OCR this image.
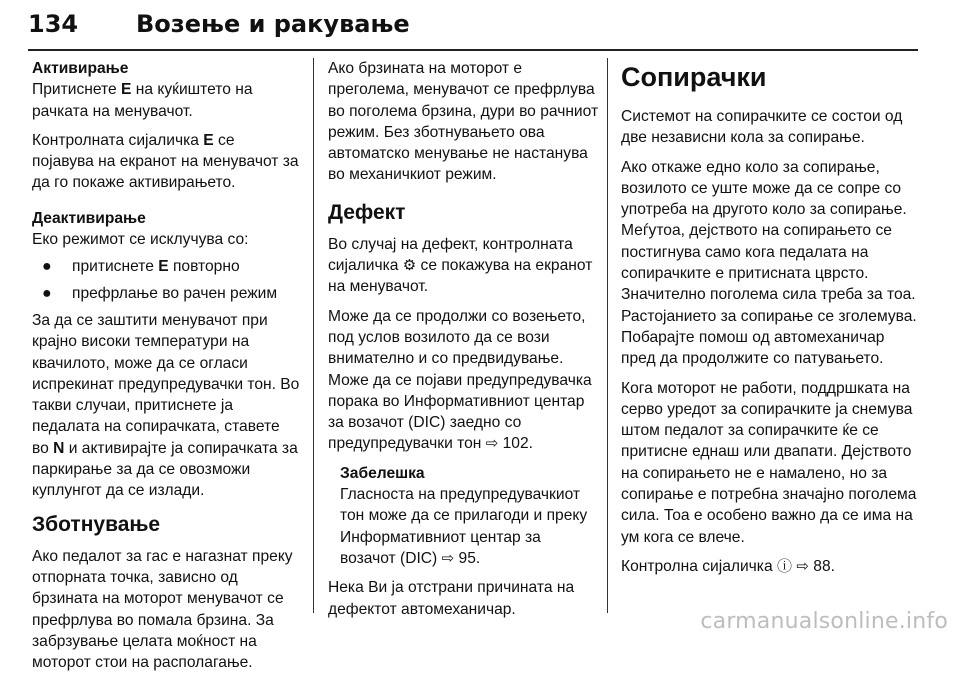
134 Возење и ракување

Активирање

Притиснете E на куќиштето на рачката на менувачот.

Контролната сијаличка E се појавува на екранот на менувачот за да го покаже активирањето.

Деактивирање

Еко режимот се исклучува со:

● притиснете E повторно
● префрлање во рачен режим

За да се заштити менувачот при крајно високи температури на квачилото, може да се огласи испрекинат предупредувачки тон. Во такви случаи, притиснете ја педалата на сопирачката, ставете во N и активирајте ја сопирачката за паркирање за да се овозможи куплунгот да се излади.

Зботнување

Ако педалот за гас е нагазнат преку отпорната точка, зависно од брзината на моторот менувачот се префрлува во помала брзина. За забрзување целата моќност на моторот стои на располагање.

Ако брзината на моторот е преголема, менувачот се префрлува во поголема брзина, дури во рачниот режим. Без зботнувањето ова автоматско менување не настанува во механичкиот режим.

Дефект

Во случај на дефект, контролната сијаличка ⚙ се покажува на екранот на менувачот.

Може да се продолжи со возењето, под услов возилото да се вози внимателно и со предвидување. Може да се појави предупредувачка порака во Информативниот центар за возачот (DIC) заедно со предупредувачки тон ⇨ 102.

Забелешка
Гласноста на предупредувачкиот тон може да се прилагоди и преку Информативниот центар за возачот (DIC) ⇨ 95.

Нека Ви ја отстрани причината на дефектот автомеханичар.

Сопирачки

Системот на сопирачките се состои од две независни кола за сопирање.

Ако откаже едно коло за сопирање, возилото се уште може да се сопре со употреба на другото коло за сопирање. Меѓутоа, дејството на сопирањето се постигнува само кога педалата на сопирачките е притисната цврсто. Значително поголема сила треба за тоа. Растојанието за сопирање се зголемува. Побарајте помош од автомеханичар пред да продолжите со патувањето.

Кога моторот не работи, поддршката на серво уредот за сопирачките ја снемува штом педалот за сопирачките ќе се притисне еднаш или двапати. Дејството на сопирањето не е намалено, но за сопирање е потребна значајно поголема сила. Тоа е особено важно да се има на ум кога се влече.

Контролна сијаличка ⓘ ⇨ 88.

carmanualsonline.info
